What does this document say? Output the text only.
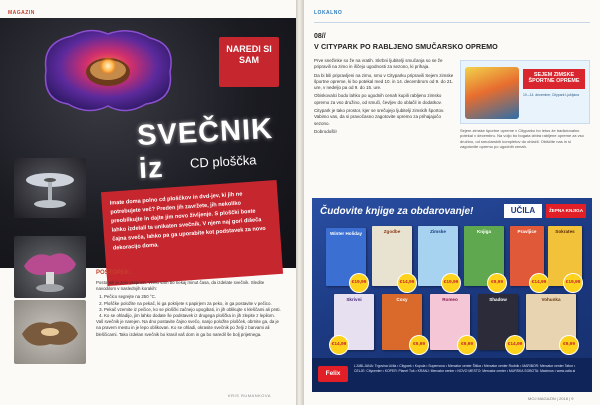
MAGAZIN
NAREDI SI SAM
SVEČNIK iz	CD ploščka

Imate doma polno cd ploščkov in dvd-jev, ki jih ne potrebujete več? Preden jih zavržete, jih nekoliko preoblikujte in dajte jim novo življenje. S ploščki boste lahko izdelali ta unikaten svečnik. V njem naj gori dišeča čajna sveča, lahko pa ga uporabite kot podstavek za novo dekoracijo doma.

POSTOPEK:

Postopek je zelo preprost. Vzelo vam bo nekaj minut časa, da izdelate svečnik. Sledite navodilom v naslednjih korakih:

1. Pečico segrejte na 250 °C.
2. Ploščke položite na pekač, ki ga pokrijete s papirjem za peko, in ga postavite v pečico.
3. Pekač vzemite iz pečice, ko se ploščki začnejo upogibati, in jih oblikujte s kleščami ali prsti.
4. Ko se ohladijo, jim lahko dodate še podstavek iz drugega ploščka in jih zlepite z lepilom.

Vaš svečnik je narejen. Na dno postavite čajno svečo, nanjo položite plošček, obrnite ga, da je na pravem mestu in je lepo oblikovan. Ko se ohladi, okrasite svečnik po želji z barvami ali bleščicami. Tako izdelan svečnik bo krasil vaš dom in ga bo naredil še bolj prijetnega.

KRIS RUMANKOVA
LOKALNO
08//
V CITYPARK PO RABLJENO SMUČARSKO OPREMO

Prve snežinke so že na vratih. Skrbni ljubitelji smučanja so se že pripravili na zimo in iščejo ugodnosti za sezono, ki prihaja.

Da bi bili pripravljeni na zimo, smo v Cityparku pripravili Sejem zimske športne opreme, ki bo potekal med 10. in 14. decembrom od 9. do 21. ure, v nedeljo pa od 9. do 15. ure.

Obiskovalci bodo lahko po ugodnih cenah kupili rabljeno zimsko opremo za vso družino, od smuči, čevljev do oblačil in dodatkov.

Citypark je tako prostor, kjer se srečujejo ljubitelji zimskih športov. Vabimo vas, da si pravočasno zagotovite opremo za prihajajočo sezono.

Dobrodošli!

SEJEM ZIMSKE ŠPORTNE OPREME
10.–14. december, Citypark Ljubljana

Sejem zimske športne opreme v Cityparku bo letos že tradicionalno potekal v decembru. Na voljo bo bogata izbira rabljene opreme za vso družino, od smučarskih kompletov do oblačil. Obiščite nas in si zagotovite opremo po ugodnih cenah.

Čudovite knjige za obdarovanje!	UČILA	ŽEPNA KNJIGA
Winter Holiday
€19,99
Zgodbe
€14,99
Zimske
€19,99
Knjiga
€9,99
Pravljice
€14,99
Sokrates
€19,99
Skrivni
€14,99
Coxy
€9,99
Romeo
€9,99
Shadow
€14,99
Vohunka
€9,99
Felix
LJUBLJANA: Trgovina Učila • Citypark • Kupola • Supernova • Mercator center Šiška • Mercator center Rudnik • MARIBOR: Mercator center Tabor • CELJE: Citycenter • KOPER: Planet Tuš • KRANJ: Mercator center • NOVO MESTO: Mercator center • MURSKA SOBOTA: Maximus • www.ucila.si
MOJ MAGAZIN | 2018 | 9
